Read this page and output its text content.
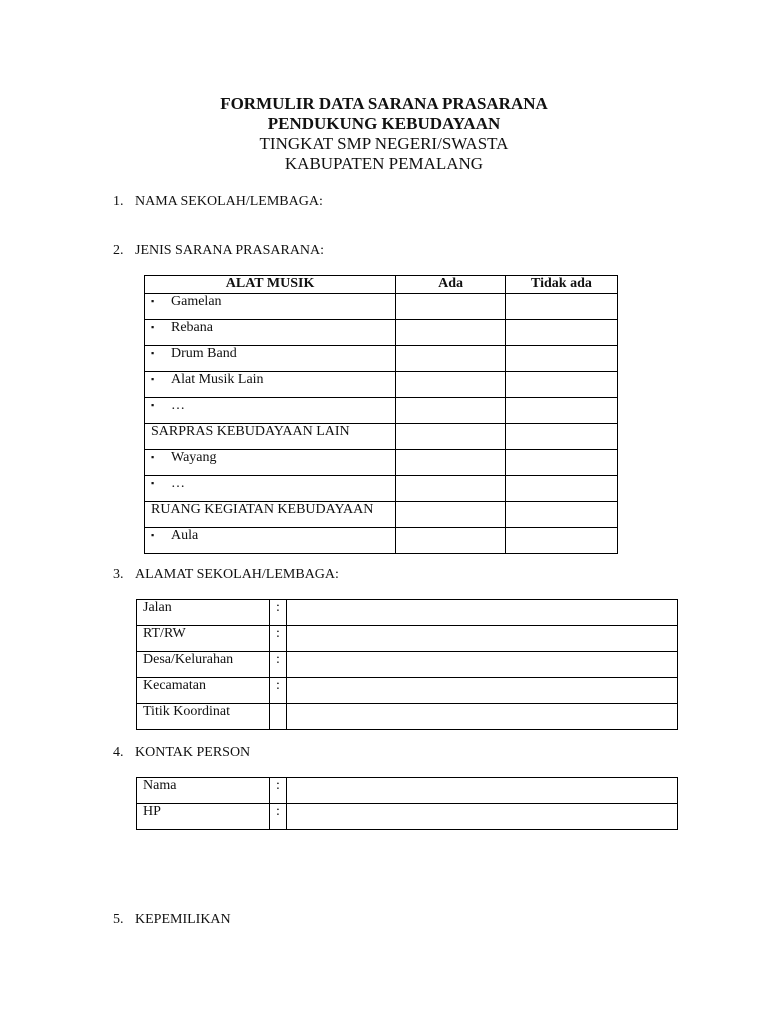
FORMULIR DATA SARANA PRASARANA
PENDUKUNG KEBUDAYAAN
TINGKAT SMP NEGERI/SWASTA
KABUPATEN PEMALANG
1. NAMA SEKOLAH/LEMBAGA:
2. JENIS SARANA PRASARANA:
ALAT MUSIK	Ada	Tidak ada
▪ Gamelan		
▪ Rebana		
▪ Drum Band		
▪ Alat Musik Lain		
▪ …		
SARPRAS KEBUDAYAAN LAIN		
▪ Wayang		
▪ …		
RUANG KEGIATAN KEBUDAYAAN		
▪ Aula		
3. ALAMAT SEKOLAH/LEMBAGA:
Jalan	:	
RT/RW	:	
Desa/Kelurahan	:	
Kecamatan	:	
Titik Koordinat		
4. KONTAK PERSON
Nama	:	
HP	:	
5. KEPEMILIKAN
